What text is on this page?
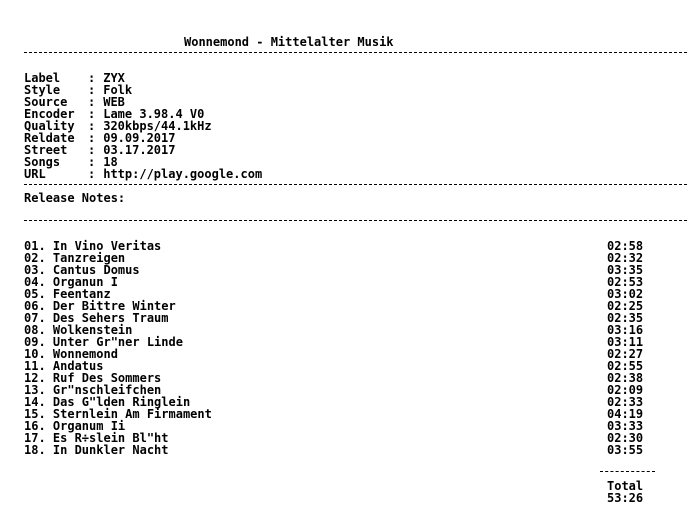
Wonnemond - Mittelalter Musik
Label : ZYX
Style : Folk
Source : WEB
Encoder : Lame 3.98.4 V0
Quality : 320kbps/44.1kHz
Reldate : 09.09.2017
Street : 03.17.2017
Songs : 18
URL	: http://play.google.com
Release Notes:
01. In Vino Veritas	02:58
02. Tanzreigen	02:32
03. Cantus Domus	03:35
04. Organun I	02:53
05. Feentanz	03:02
06. Der Bittre Winter	02:25
07. Des Sehers Traum	02:35
08. Wolkenstein	03:16
09. Unter Gr"ner Linde	03:11
10. Wonnemond	02:27
11. Andatus	02:55
12. Ruf Des Sommers	02:38
13. Gr"nschleifchen	02:09
14. Das G"lden Ringlein	02:33
15. Sternlein Am Firmament	04:19
16. Organum Ii	03:33
17. Es R÷slein Bl"ht	02:30
18. In Dunkler Nacht	03:55
Total
53:26
